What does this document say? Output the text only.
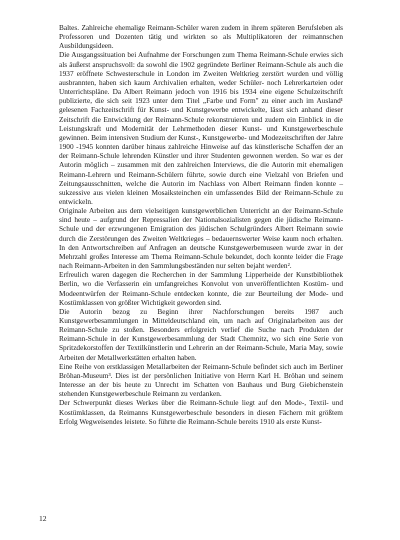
Baltes. Zahlreiche ehemalige Reimann-Schüler waren zudem in ihrem späteren Berufsleben als Professoren und Dozenten tätig und wirkten so als Multiplikatoren der reimannschen Ausbildungsideen.

Die Ausgangssituation bei Aufnahme der Forschungen zum Thema Reimann-Schule erwies sich als äußerst anspruchsvoll: da sowohl die 1902 gegründete Berliner Reimann-Schule als auch die 1937 eröffnete Schwesterschule in London im Zweiten Weltkrieg zerstört wurden und völlig ausbrannten, haben sich kaum Archivalien erhalten, weder Schüler- noch Lehrerkarteien oder Unterrichtspläne. Da Albert Reimann jedoch von 1916 bis 1934 eine eigene Schulzeitschrift publizierte, die sich seit 1923 unter dem Titel „Farbe und Form" zu einer auch im Ausland¹ gelesenen Fachzeitschrift für Kunst- und Kunstgewerbe entwickelte, lässt sich anhand dieser Zeitschrift die Entwicklung der Reimann-Schule rekonstruieren und zudem ein Einblick in die Leistungskraft und Modernität der Lehrmethoden dieser Kunst- und Kunstgewerbeschule gewinnen. Beim intensiven Studium der Kunst-, Kunstgewerbe- und Modezeitschriften der Jahre 1900 -1945 konnten darüber hinaus zahlreiche Hinweise auf das künstlerische Schaffen der an der Reimann-Schule lehrenden Künstler und ihrer Studenten gewonnen werden. So war es der Autorin möglich – zusammen mit den zahlreichen Interviews, die die Autorin mit ehemaligen Reimann-Lehrern und Reimann-Schülern führte, sowie durch eine Vielzahl von Briefen und Zeitungsausschnitten, welche die Autorin im Nachlass von Albert Reimann finden konnte – sukzessive aus vielen kleinen Mosaiksteinchen ein umfassendes Bild der Reimann-Schule zu entwickeln.

Originale Arbeiten aus dem vielseitigen kunstgewerblichen Unterricht an der Reimann-Schule sind heute – aufgrund der Repressalien der Nationalsozialisten gegen die jüdische Reimann-Schule und der erzwungenen Emigration des jüdischen Schulgründers Albert Reimann sowie durch die Zerstörungen des Zweiten Weltkrieges – bedauernswerter Weise kaum noch erhalten. In den Antwortschreiben auf Anfragen an deutsche Kunstgewerbemuseen wurde zwar in der Mehrzahl großes Interesse am Thema Reimann-Schule bekundet, doch konnte leider die Frage nach Reimann-Arbeiten in den Sammlungsbeständen nur selten bejaht werden².

Erfreulich waren dagegen die Recherchen in der Sammlung Lipperheide der Kunstbibliothek Berlin, wo die Verfasserin ein umfangreiches Konvolut von unveröffentlichten Kostüm- und Modeentwürfen der Reimann-Schule entdecken konnte, die zur Beurteilung der Mode- und Kostümklassen von größter Wichtigkeit geworden sind.

Die Autorin bezog zu Beginn ihrer Nachforschungen bereits 1987 auch Kunstgewerbesammlungen in Mitteldeutschland ein, um nach auf Originalarbeiten aus der Reimann-Schule zu stoßen. Besonders erfolgreich verlief die Suche nach Produkten der Reimann-Schule in der Kunstgewerbesammlung der Stadt Chemnitz, wo sich eine Serie von Spritzdekorstoffen der Textilkünstlerin und Lehrerin an der Reimann-Schule, Maria May, sowie Arbeiten der Metallwerkstätten erhalten haben.

Eine Reihe von erstklassigen Metallarbeiten der Reimann-Schule befindet sich auch im Berliner Bröhan-Museum³. Dies ist der persönlichen Initiative von Herrn Karl H. Bröhan und seinem Interesse an der bis heute zu Unrecht im Schatten von Bauhaus und Burg Giebichenstein stehenden Kunstgewerbeschule Reimann zu verdanken.

Der Schwerpunkt dieses Werkes über die Reimann-Schule liegt auf den Mode-, Textil- und Kostümklassen, da Reimanns Kunstgewerbeschule besonders in diesen Fächern mit größtem Erfolg Wegweisendes leistete. So führte die Reimann-Schule bereits 1910 als erste Kunst-

12
